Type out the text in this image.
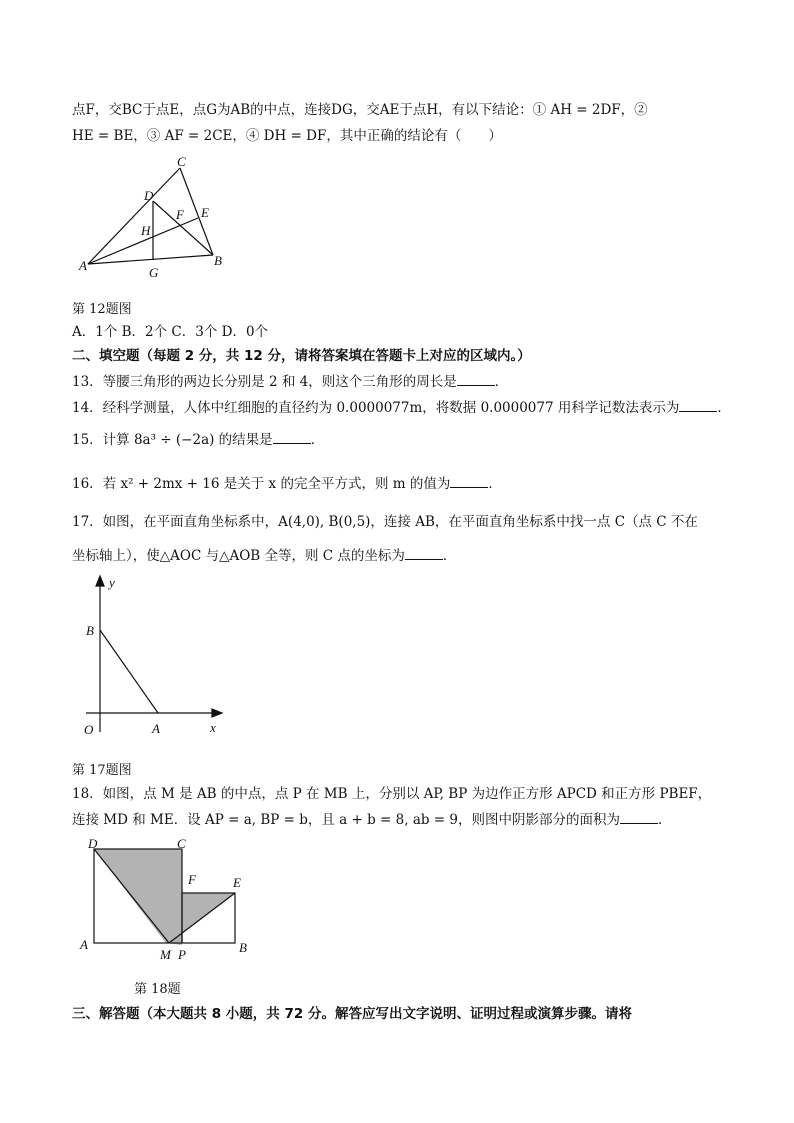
点F，交BC于点E，点G为AB的中点，连接DG，交AE于点H，有以下结论：① AH = 2DF，②
HE = BE，③ AF = 2CE，④ DH = DF，其中正确的结论有（　　）
C
D
F E
H
A	G
B
第 12题图
A．1个 B．2个 C．3个 D．0个
二、填空题（每题 2 分，共 12 分，请将答案填在答题卡上对应的区域内。）
13．等腰三角形的两边长分别是 2 和 4，则这个三角形的周长是	．
14．经科学测量，人体中红细胞的直径约为 0.0000077m，将数据 0.0000077 用科学记数法表示为	．
15．计算 8a³ ÷ (−2a) 的结果是	．
16．若 x² + 2mx + 16 是关于 x 的完全平方式，则 m 的值为	．
17．如图，在平面直角坐标系中，A(4,0), B(0,5)，连接 AB，在平面直角坐标系中找一点 C（点 C 不在
坐标轴上），使△AOC 与△AOB 全等，则 C 点的坐标为	．
y
B
O	A	x
第 17题图
18．如图，点 M 是 AB 的中点，点 P 在 MB 上，分别以 AP, BP 为边作正方形 APCD 和正方形 PBEF，
连接 MD 和 ME．设 AP = a, BP = b，且 a + b = 8, ab = 9，则图中阴影部分的面积为	．
D	C
F	E
A
M P	B
第 18题
三、解答题（本大题共 8 小题，共 72 分。解答应写出文字说明、证明过程或演算步骤。请将
